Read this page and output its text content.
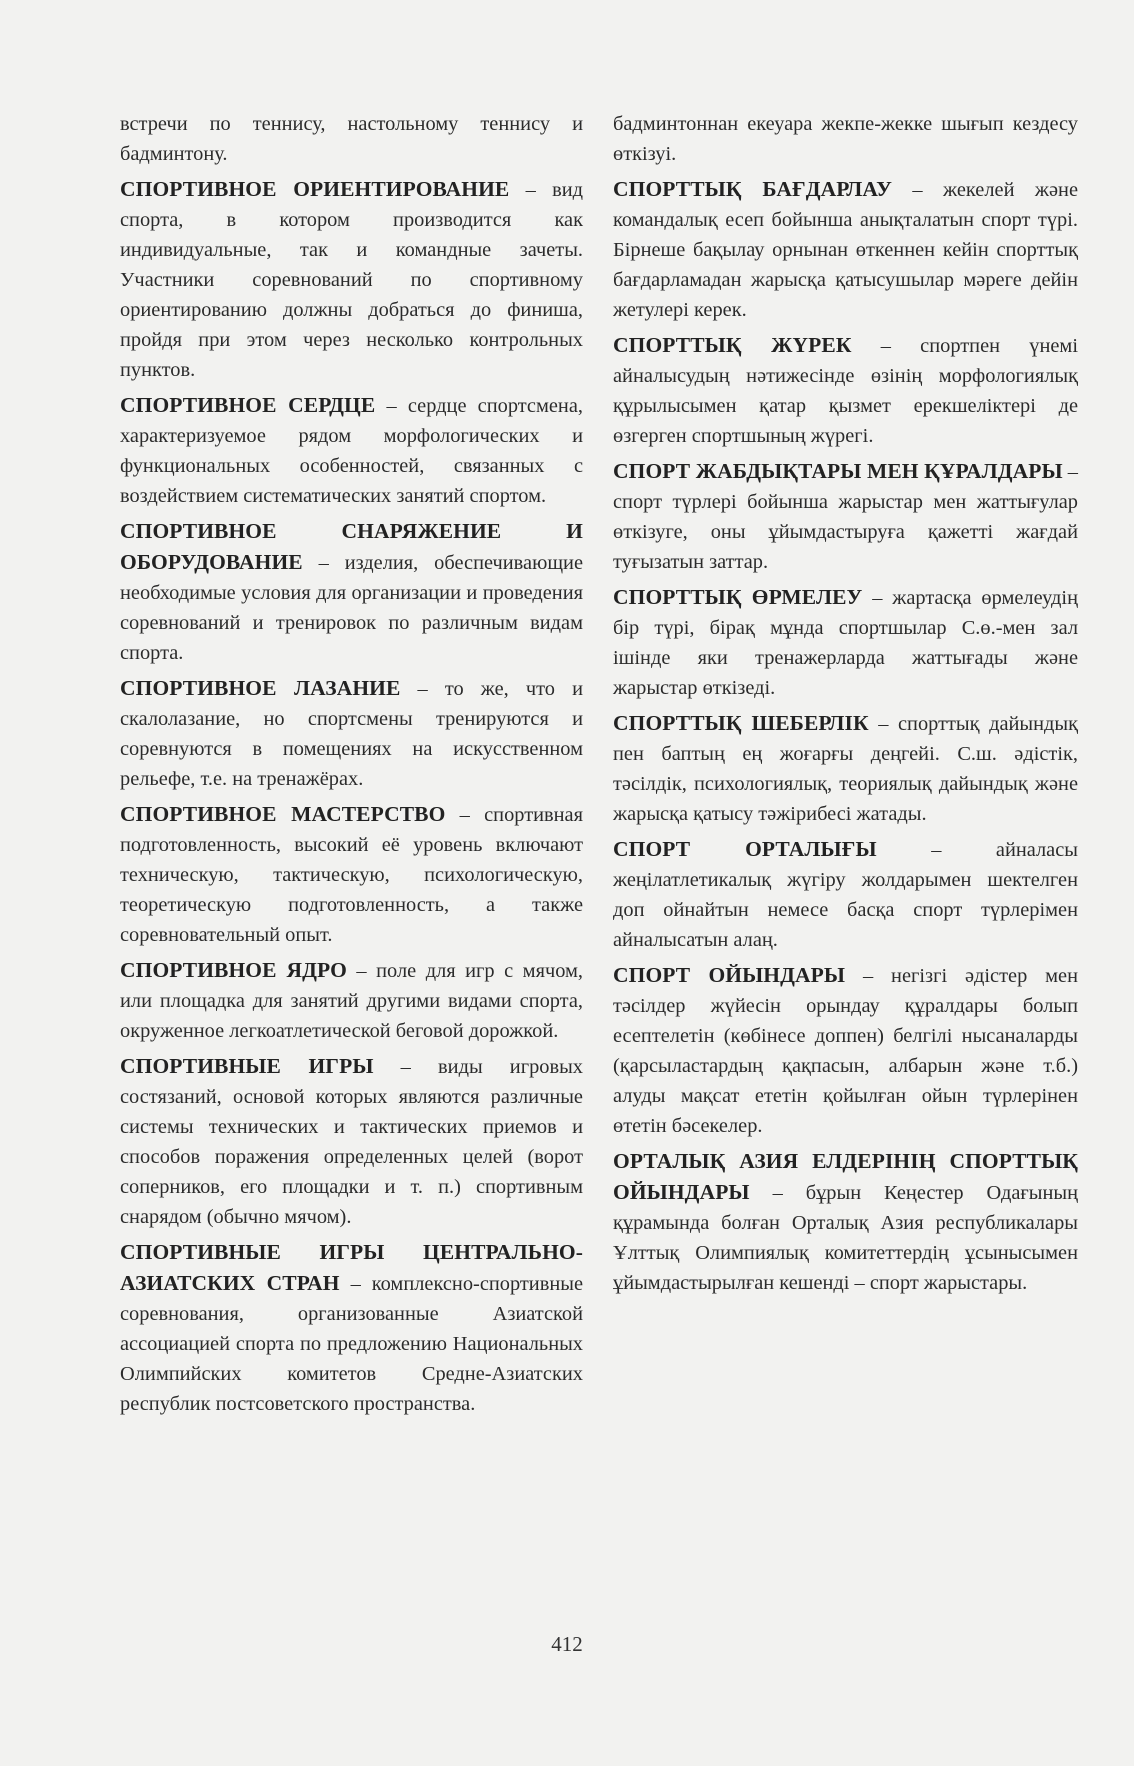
встречи по теннису, настольному теннису и бадминтону.
СПОРТИВНОЕ ОРИЕНТИРОВАНИЕ – вид спорта, в котором производится как индивидуальные, так и командные зачеты. Участники соревнований по спортивному ориентированию должны добраться до финиша, пройдя при этом через несколько контрольных пунктов.
СПОРТИВНОЕ СЕРДЦЕ – сердце спортсмена, характеризуемое рядом морфологических и функциональных особенностей, связанных с воздействием систематических занятий спортом.
СПОРТИВНОЕ СНАРЯЖЕНИЕ И ОБОРУДОВАНИЕ – изделия, обеспечивающие необходимые условия для организации и проведения соревнований и тренировок по различным видам спорта.
СПОРТИВНОЕ ЛАЗАНИЕ – то же, что и скалолазание, но спортсмены тренируются и соревнуются в помещениях на искусственном рельефе, т.е. на тренажёрах.
СПОРТИВНОЕ МАСТЕРСТВО – спортивная подготовленность, высокий её уровень включают техническую, тактическую, психологическую, теоретическую подготовленность, а также соревновательный опыт.
СПОРТИВНОЕ ЯДРО – поле для игр с мячом, или площадка для занятий другими видами спорта, окруженное легкоатлетической беговой дорожкой.
СПОРТИВНЫЕ ИГРЫ – виды игровых состязаний, основой которых являются различные системы технических и тактических приемов и способов поражения определенных целей (ворот соперников, его площадки и т. п.) спортивным снарядом (обычно мячом).
СПОРТИВНЫЕ ИГРЫ ЦЕНТРАЛЬНО-АЗИАТСКИХ СТРАН – комплексно-спортивные соревнования, организованные Азиатской ассоциацией спорта по предложению Национальных Олимпийских комитетов Средне-Азиатских республик постсоветского пространства.
бадминтоннан екеуара жекпе-жекке шығып кездесу өткізуі.
СПОРТТЫҚ БАҒДАРЛАУ – жекелей және командалық есеп бойынша анықталатын спорт түрі. Бірнеше бақылау орнынан өткеннен кейін спорттық бағдарламадан жарысқа қатысушылар мәреге дейін жетулері керек.
СПОРТТЫҚ ЖҮРЕК – спортпен үнемі айналысудың нәтижесінде өзінің морфологиялық құрылысымен қатар қызмет ерекшеліктері де өзгерген спортшының жүрегі.
СПОРТ ЖАБДЫҚТАРЫ МЕН ҚҰРАЛДАРЫ – спорт түрлері бойынша жарыстар мен жаттығулар өткізуге, оны ұйымдастыруға қажетті жағдай туғызатын заттар.
СПОРТТЫҚ ӨРМЕЛЕУ – жартасқа өрмелеудің бір түрі, бірақ мұнда спортшылар С.ө.-мен зал ішінде яки тренажерларда жаттығады және жарыстар өткізеді.
СПОРТТЫҚ ШЕБЕРЛІК – спорттық дайындық пен баптың ең жоғарғы деңгейі. С.ш. әдістік, тәсілдік, психологиялық, теориялық дайындық және жарысқа қатысу тәжірибесі жатады.
СПОРТ ОРТАЛЫҒЫ – айналасы жеңілатлетикалық жүгіру жолдарымен шектелген доп ойнайтын немесе басқа спорт түрлерімен айналысатын алаң.
СПОРТ ОЙЫНДАРЫ – негізгі әдістер мен тәсілдер жүйесін орындау құралдары болып есептелетін (көбінесе доппен) белгілі нысаналарды (қарсыластардың қақпасын, албарын және т.б.) алуды мақсат ететін қойылған ойын түрлерінен өтетін бәсекелер.
ОРТАЛЫҚ АЗИЯ ЕЛДЕРІНІҢ СПОРТТЫҚ ОЙЫНДАРЫ – бұрын Кеңестер Одағының құрамында болған Орталық Азия республикалары Ұлттық Олимпиялық комитеттердің ұсынысымен ұйымдастырылған кешенді – спорт жарыстары.
412
